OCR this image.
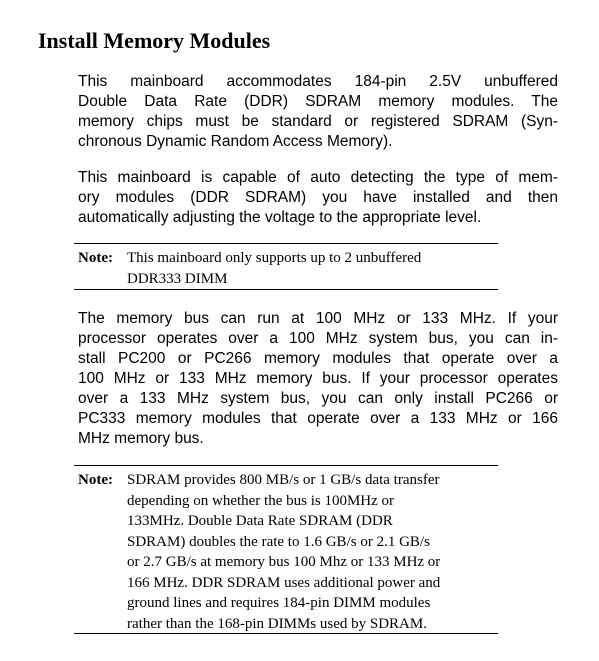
Install Memory Modules

This mainboard accommodates 184-pin 2.5V unbuffered
Double Data Rate (DDR) SDRAM memory modules. The
memory chips must be standard or registered SDRAM (Syn-
chronous Dynamic Random Access Memory).

This mainboard is capable of auto detecting the type of mem-
ory modules (DDR SDRAM) you have installed and then
automatically adjusting the voltage to the appropriate level.

Note: This mainboard only supports up to 2 unbuffered
DDR333 DIMM

The memory bus can run at 100 MHz or 133 MHz. If your
processor operates over a 100 MHz system bus, you can in-
stall PC200 or PC266 memory modules that operate over a
100 MHz or 133 MHz memory bus. If your processor operates
over a 133 MHz system bus, you can only install PC266 or
PC333 memory modules that operate over a 133 MHz or 166
MHz memory bus.

Note: SDRAM provides 800 MB/s or 1 GB/s data transfer
depending on whether the bus is 100MHz or
133MHz. Double Data Rate SDRAM (DDR
SDRAM) doubles the rate to 1.6 GB/s or 2.1 GB/s
or 2.7 GB/s at memory bus 100 Mhz or 133 MHz or
166 MHz. DDR SDRAM uses additional power and
ground lines and requires 184-pin DIMM modules
rather than the 168-pin DIMMs used by SDRAM.
